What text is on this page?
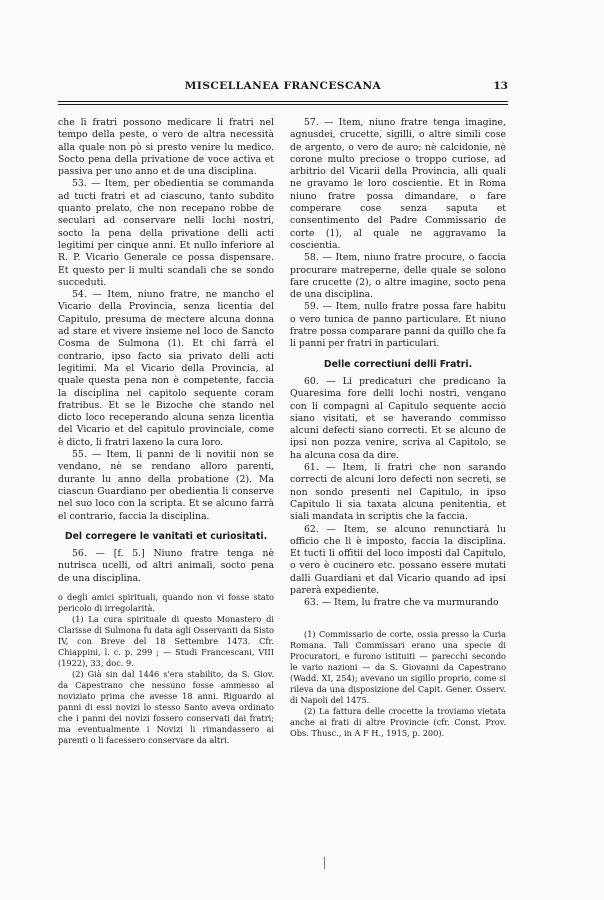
MISCELLANEA FRANCESCANA	13

che li fratri possono medicare li fratri nel tempo della peste, o vero de altra necessità alla quale non pò si presto venire lu medico. Socto pena della privatione de voce activa et passiva per uno anno et de una disciplina.

53. — Item, per obedientia se commanda ad tucti fratri et ad ciascuno, tanto subdito quanto prelato, che non recepano robbe de seculari ad conservare nelli lochi nostri, socto la pena della privatione delli acti legitimi per cinque anni. Et nullo inferiore al R. P. Vicario Generale ce possa dispensare. Et questo per li multi scandali che se sondo succeduti.

54. — Item, niuno fratre, ne mancho el Vicario della Provincia, senza licentia del Capitulo, presuma de mectere alcuna donna ad stare et vivere insieme nel loco de Sancto Cosma de Sulmona (1). Et chi farrà el contrario, ipso facto sia privato delli acti legitimi. Ma el Vicario della Provincia, al quale questa pena non è competente, faccia la disciplina nel capitolo sequente coram fratribus. Et se le Bizoche che stando nel dicto loco receperando alcuna senza licentia del Vicario et del capitulo provinciale, come è dicto, li fratri laxeno la cura loro.

55. — Item, li panni de li novitii non se vendano, nè se rendano alloro parenti, durante lu anno della probatione (2). Ma ciascun Guardiano per obedientia li conserve nel suo loco con la scripta. Et se alcuno farrà el contrario, faccia la disciplina.

Del corregere le vanitati et curiositati.

56. — [f. 5.] Niuno fratre tenga nè nutrisca ucelli, od altri animali, socto pena de una disciplina.

o degli amici spirituali, quando non vi fosse stato pericolo di irregolarità.

(1) La cura spirituale di questo Monastero di Clarisse di Sulmona fu data agli Osservanti da Sisto IV, con Breve del 18 Settembre 1473. Cfr. Chiappini, l. c. p. 299 ; — Studi Francescani, VIII (1922), 33, doc. 9.

(2) Già sin dal 1446 s'era stabilito, da S. Giov. da Capestrano che nessuno fosse ammesso al noviziato prima che avesse 18 anni. Riguardo ai panni di essi novizi lo stesso Santo aveva ordinato che i panni dei novizi fossero conservati dai fratri; ma eventualmente i Novizi li rimandassero ai parenti o li facessero conservare da altri.

57. — Item, niuno fratre tenga imagine, agnusdei, crucette, sigilli, o altre simili cose de argento, o vero de auro; nè calcidonie, nè corone multo preciose o troppo curiose, ad arbitrio del Vicarii della Provincia, alli quali ne gravamo le loro coscientie. Et in Roma niuno fratre possa dimandare, o fare comperare cose senza saputa et consentimento del Padre Commissario de corte (1), al quale ne aggravamo la coscientia.

58. — Item, niuno fratre procure, o faccia procurare matreperne, delle quale se solono fare crucette (2), o altre imagine, socto pena de una disciplina.

59. — Item, nullo fratre possa fare habitu o vero tunica de panno particulare. Et niuno fratre possa comparare panni da quillo che fa li panni per fratri in particulari.

Delle correctiuni delli Fratri.

60. — Li predicaturi che predicano la Quaresima fore delli lochi nostri, vengano con li compagni al Capitulo sequente acciò siano visitati, et se haverando commisso alcuni defecti siano correcti. Et se alcuno de ipsi non pozza venire, scriva al Capitolo, se ha alcuna cosa da dire.

61. — Item, li fratri che non sarando correcti de alcuni loro defecti non secreti, se non sondo presenti nel Capitulo, in ipso Capitulo li sia taxata alcuna penitentia, et siali mandata in scriptis che la faccia.

62. — Item, se alcuno renunctiarà lu officio che li è imposto, faccia la disciplina. Et tucti li offitii del loco imposti dal Capitulo, o vero è cucinero etc. possano essere mutati dalli Guardiani et dal Vicario quando ad ipsi parerà expediente.

63. — Item, lu fratre che va murmurando

(1) Commissario de corte, ossia presso la Curia Romana. Tali Commissari erano una specie di Procuratori, e furono istituiti — parecchi secondo le vario nazioni — da S. Giovanni da Capestrano (Wadd. XI, 254); avevano un sigillo proprio, come si rileva da una disposizione del Capit. Gener. Osserv. di Napoli del 1475.

(2) La fattura delle crocette la troviamo vietata anche ai frati di altre Provincie (cfr. Const. Prov. Obs. Thusc., in A F H., 1915, p. 200).
